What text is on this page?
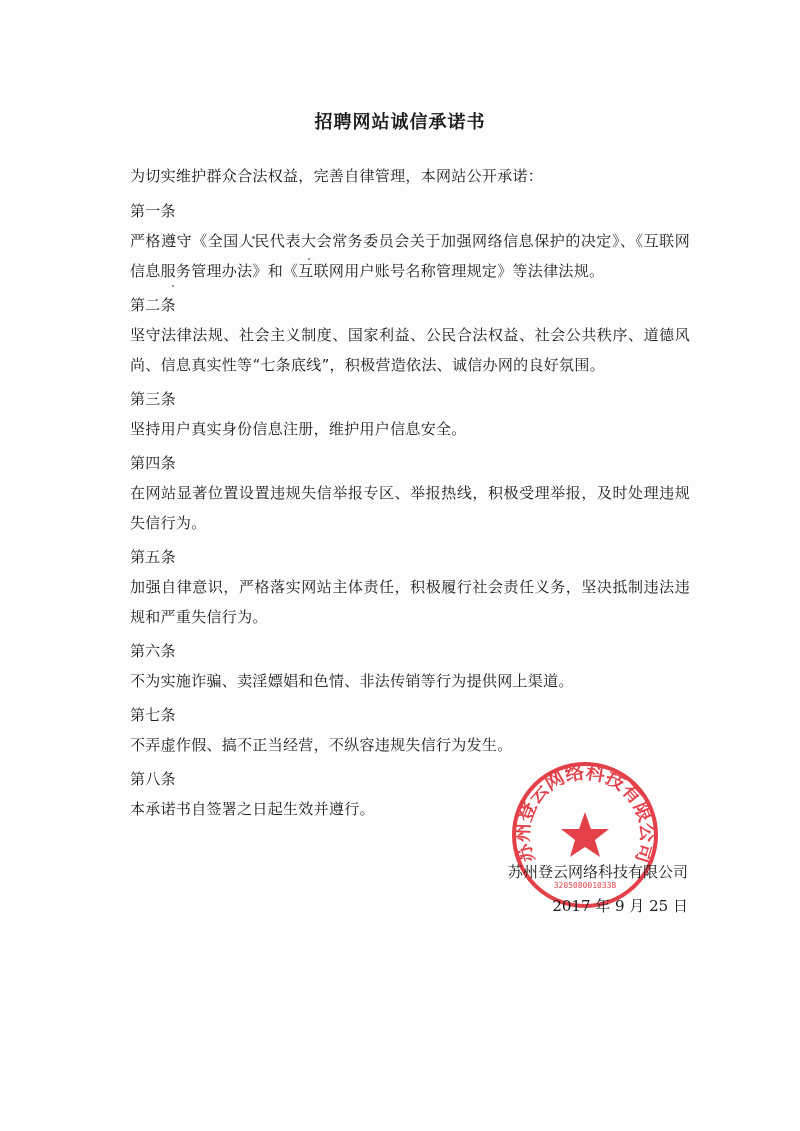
招聘网站诚信承诺书
为切实维护群众合法权益，完善自律管理，本网站公开承诺：
第一条
严格遵守《全国人民代表大会常务委员会关于加强网络信息保护的决定》、《互联网信息服务管理办法》和《互联网用户账号名称管理规定》等法律法规。
第二条
坚守法律法规、社会主义制度、国家利益、公民合法权益、社会公共秩序、道德风尚、信息真实性等“七条底线”，积极营造依法、诚信办网的良好氛围。
第三条
坚持用户真实身份信息注册，维护用户信息安全。
第四条
在网站显著位置设置违规失信举报专区、举报热线，积极受理举报，及时处理违规失信行为。
第五条
加强自律意识，严格落实网站主体责任，积极履行社会责任义务，坚决抵制违法违规和严重失信行为。
第六条
不为实施诈骗、卖淫嫖娼和色情、非法传销等行为提供网上渠道。
第七条
不弄虚作假、搞不正当经营，不纵容违规失信行为发生。
第八条
本承诺书自签署之日起生效并遵行。
苏州登云网络科技有限公司
3205080010338
苏州登云网络科技有限公司
2017 年 9 月 25 日
